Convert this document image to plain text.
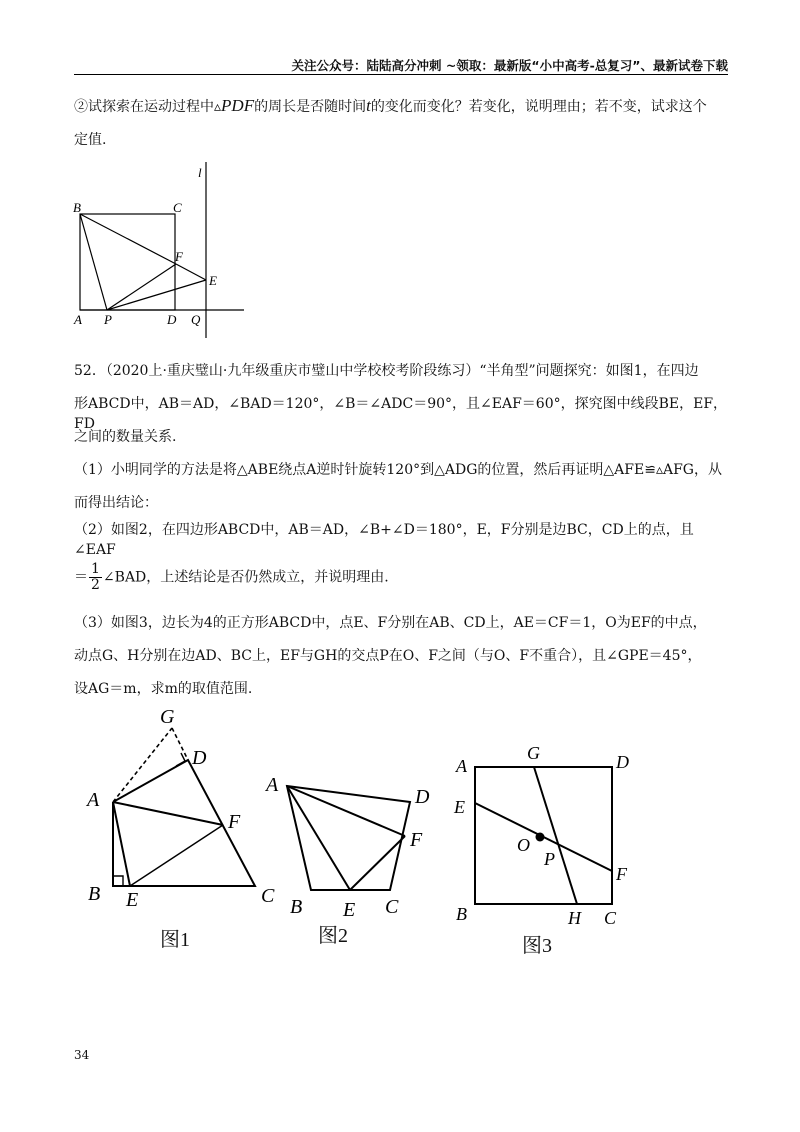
关注公众号：陆陆高分冲刺 ~领取：最新版“小中高考-总复习”、最新试卷下载
②试探索在运动过程中▵PDF的周长是否随时间t的变化而变化？若变化，说明理由；若不变，试求这个
定值.
l
B	C
F
E
A P	D Q
52．（2020上·重庆璧山·九年级重庆市璧山中学校校考阶段练习）“半角型”问题探究：如图1，在四边
形ABCD中，AB＝AD，∠BAD＝120°，∠B＝∠ADC＝90°，且∠EAF＝60°，探究图中线段BE，EF，FD
之间的数量关系.
（1）小明同学的方法是将△ABE绕点A逆时针旋转120°到△ADG的位置，然后再证明△AFE≌▵AFG，从
而得出结论：
（2）如图2，在四边形ABCD中，AB＝AD，∠B+∠D＝180°，E，F分别是边BC，CD上的点，且∠EAF
＝ $\frac{1}{2}$ ∠BAD，上述结论是否仍然成立，并说明理由.
（3）如图3，边长为4的正方形ABCD中，点E、F分别在AB、CD上，AE＝CF＝1，O为EF的中点，
动点G、H分别在边AD、BC上，EF与GH的交点P在O、F之间（与O、F不重合），且∠GPE＝45°，
设AG＝m，求m的取值范围.
G
D
A
F
B E	C
图1
A
D
F
B E C
图2
G
A	D
E
O
P
F
B	H C
图3
34
